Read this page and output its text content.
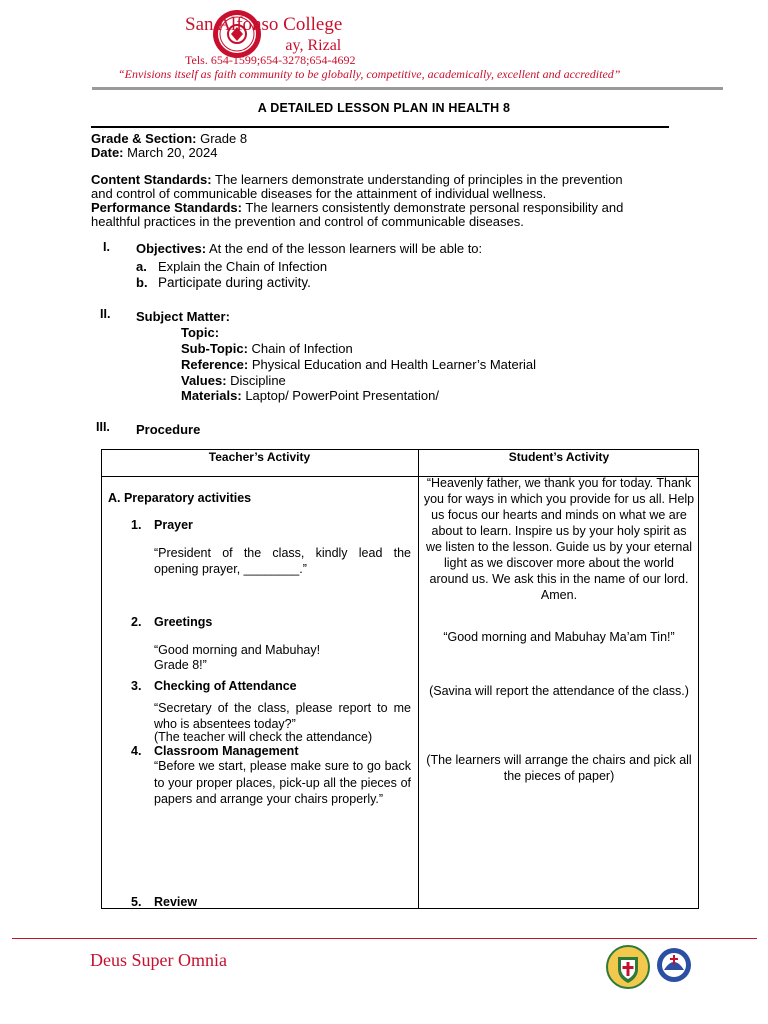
San Alfonso College
ay, Rizal
Tels. 654-1599;654-3278;654-4692
“Envisions itself as faith community to be globally, competitive, academically, excellent and accredited”
A DETAILED LESSON PLAN IN HEALTH 8
Grade & Section: Grade 8
Date: March 20, 2024
Content Standards: The learners demonstrate understanding of principles in the prevention
and control of communicable diseases for the attainment of individual wellness.
Performance Standards: The learners consistently demonstrate personal responsibility and
healthful practices in the prevention and control of communicable diseases.
I. Objectives: At the end of the lesson learners will be able to:
a. Explain the Chain of Infection
b. Participate during activity.
II. Subject Matter:
Topic:
Sub-Topic: Chain of Infection
Reference: Physical Education and Health Learner’s Material
Values: Discipline
Materials: Laptop/ PowerPoint Presentation/
III. Procedure
Teacher’s Activity	Student’s Activity
A. Preparatory activities
1. Prayer
“President of the class, kindly lead the opening prayer, ________.”
2. Greetings
“Good morning and Mabuhay!
Grade 8!”
3. Checking of Attendance
“Secretary of the class, please report to me who is absentees today?”
(The teacher will check the attendance)
4. Classroom Management
“Before we start, please make sure to go back to your proper places, pick-up all the pieces of papers and arrange your chairs properly.”
5. Review
“Heavenly father, we thank you for today. Thank you for ways in which you provide for us all. Help us focus our hearts and minds on what we are about to learn. Inspire us by your holy spirit as we listen to the lesson. Guide us by your eternal light as we discover more about the world around us. We ask this in the name of our lord. Amen.
“Good morning and Mabuhay Ma’am Tin!”
(Savina will report the attendance of the class.)
(The learners will arrange the chairs and pick all the pieces of paper)
Deus Super Omnia
